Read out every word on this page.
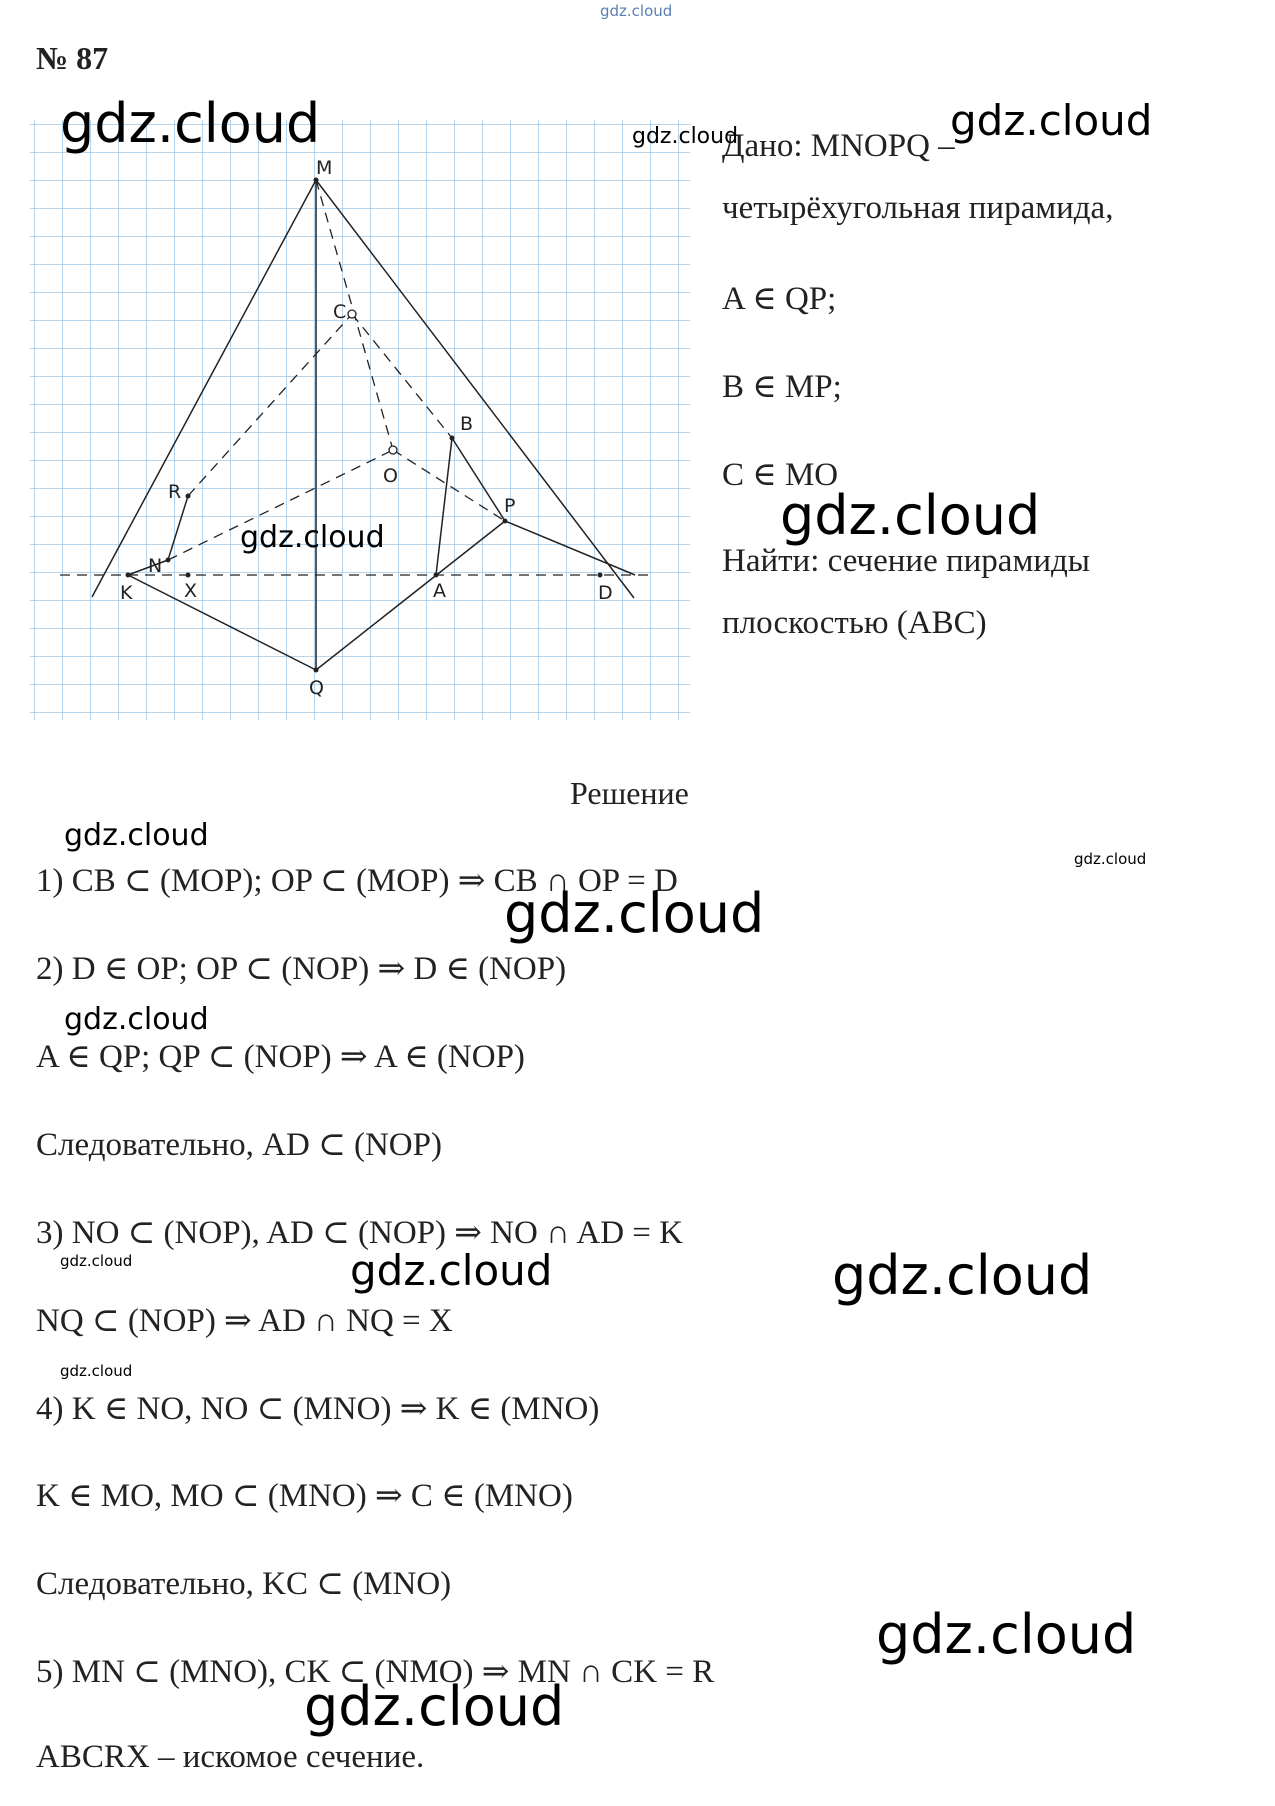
gdz.cloud
№ 87
M
C
B
O
R
P
N
K	X	A	D
Q
Дано: MNOPQ –
четырёхугольная пирамида,
A ∈ QP;
B ∈ MP;
C ∈ MO
Найти: сечение пирамиды
плоскостью (ABC)
Решение
1) CB ⊂ (MOP); OP ⊂ (MOP) ⇒ CB ∩ OP = D
2) D ∈ OP; OP ⊂ (NOP) ⇒ D ∈ (NOP)
A ∈ QP; QP ⊂ (NOP) ⇒ A ∈ (NOP)
Следовательно, AD ⊂ (NOP)
3) NO ⊂ (NOP), AD ⊂ (NOP) ⇒ NO ∩ AD = K
NQ ⊂ (NOP) ⇒ AD ∩ NQ = X
4) K ∈ NO, NO ⊂ (MNO) ⇒ K ∈ (MNO)
K ∈ MO, MO ⊂ (MNO) ⇒ C ∈ (MNO)
Следовательно, KC ⊂ (MNO)
5) MN ⊂ (MNO), CK ⊂ (NMO) ⇒ MN ∩ CK = R
ABCRX – искомое сечение.
gdz.cloud	gdz.cloud	gdz.cloud
gdz.cloud
gdz.cloud
gdz.cloud
gdz.cloud
gdz.cloud
gdz.cloud
gdz.cloud	gdz.cloud	gdz.cloud
gdz.cloud
gdz.cloud
gdz.cloud
